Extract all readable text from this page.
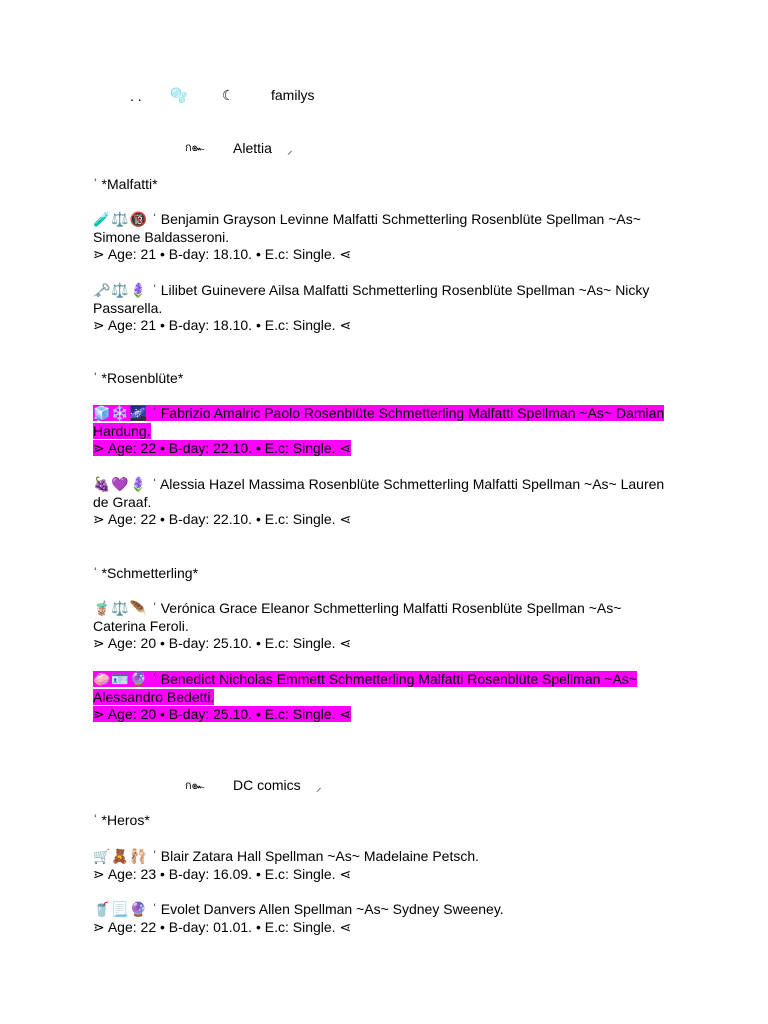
. . 🫧 ☾	familys
ก๛ Alettia ⸝
ʿ *Malfatti*

🧪⚖️🔞 ʿ Benjamin Grayson Levinne Malfatti Schmetterling Rosenblüte Spellman ~As~ Simone Baldasseroni.

⋗ Age: 21 • B-day: 18.10. • E.c: Single. ⋖

🗝️⚖️🪻 ʿ Lilibet Guinevere Ailsa Malfatti Schmetterling Rosenblüte Spellman ~As~ Nicky Passarella.

⋗ Age: 21 • B-day: 18.10. • E.c: Single. ⋖

ʿ *Rosenblüte*

🧊❄️🌌 ʿ Fabrizio Amalric Paolo Rosenblüte Schmetterling Malfatti Spellman ~As~ Damian Hardung.

⋗ Age: 22 • B-day: 22.10. • E.c: Single. ⋖

🍇💜🪻 ʿ Alessia Hazel Massima Rosenblüte Schmetterling Malfatti Spellman ~As~ Lauren de Graaf.

⋗ Age: 22 • B-day: 22.10. • E.c: Single. ⋖

ʿ *Schmetterling*

🧋⚖️🪶 ʿ Verónica Grace Eleanor Schmetterling Malfatti Rosenblüte Spellman ~As~ Caterina Feroli.

⋗ Age: 20 • B-day: 25.10. • E.c: Single. ⋖

🧼🪪🔮 ʿ Benedict Nicholas Emmett Schmetterling Malfatti Rosenblüte Spellman ~As~ Alessandro Bedetti.

⋗ Age: 20 • B-day: 25.10. • E.c: Single. ⋖

ก๛ DC comics ⸝
ʿ *Heros*

🛒🧸🩰 ʿ Blair Zatara Hall Spellman ~As~ Madelaine Petsch.

⋗ Age: 23 • B-day: 16.09. • E.c: Single. ⋖

🥤📃🔮 ʿ Evolet Danvers Allen Spellman ~As~ Sydney Sweeney.

⋗ Age: 22 • B-day: 01.01. • E.c: Single. ⋖
